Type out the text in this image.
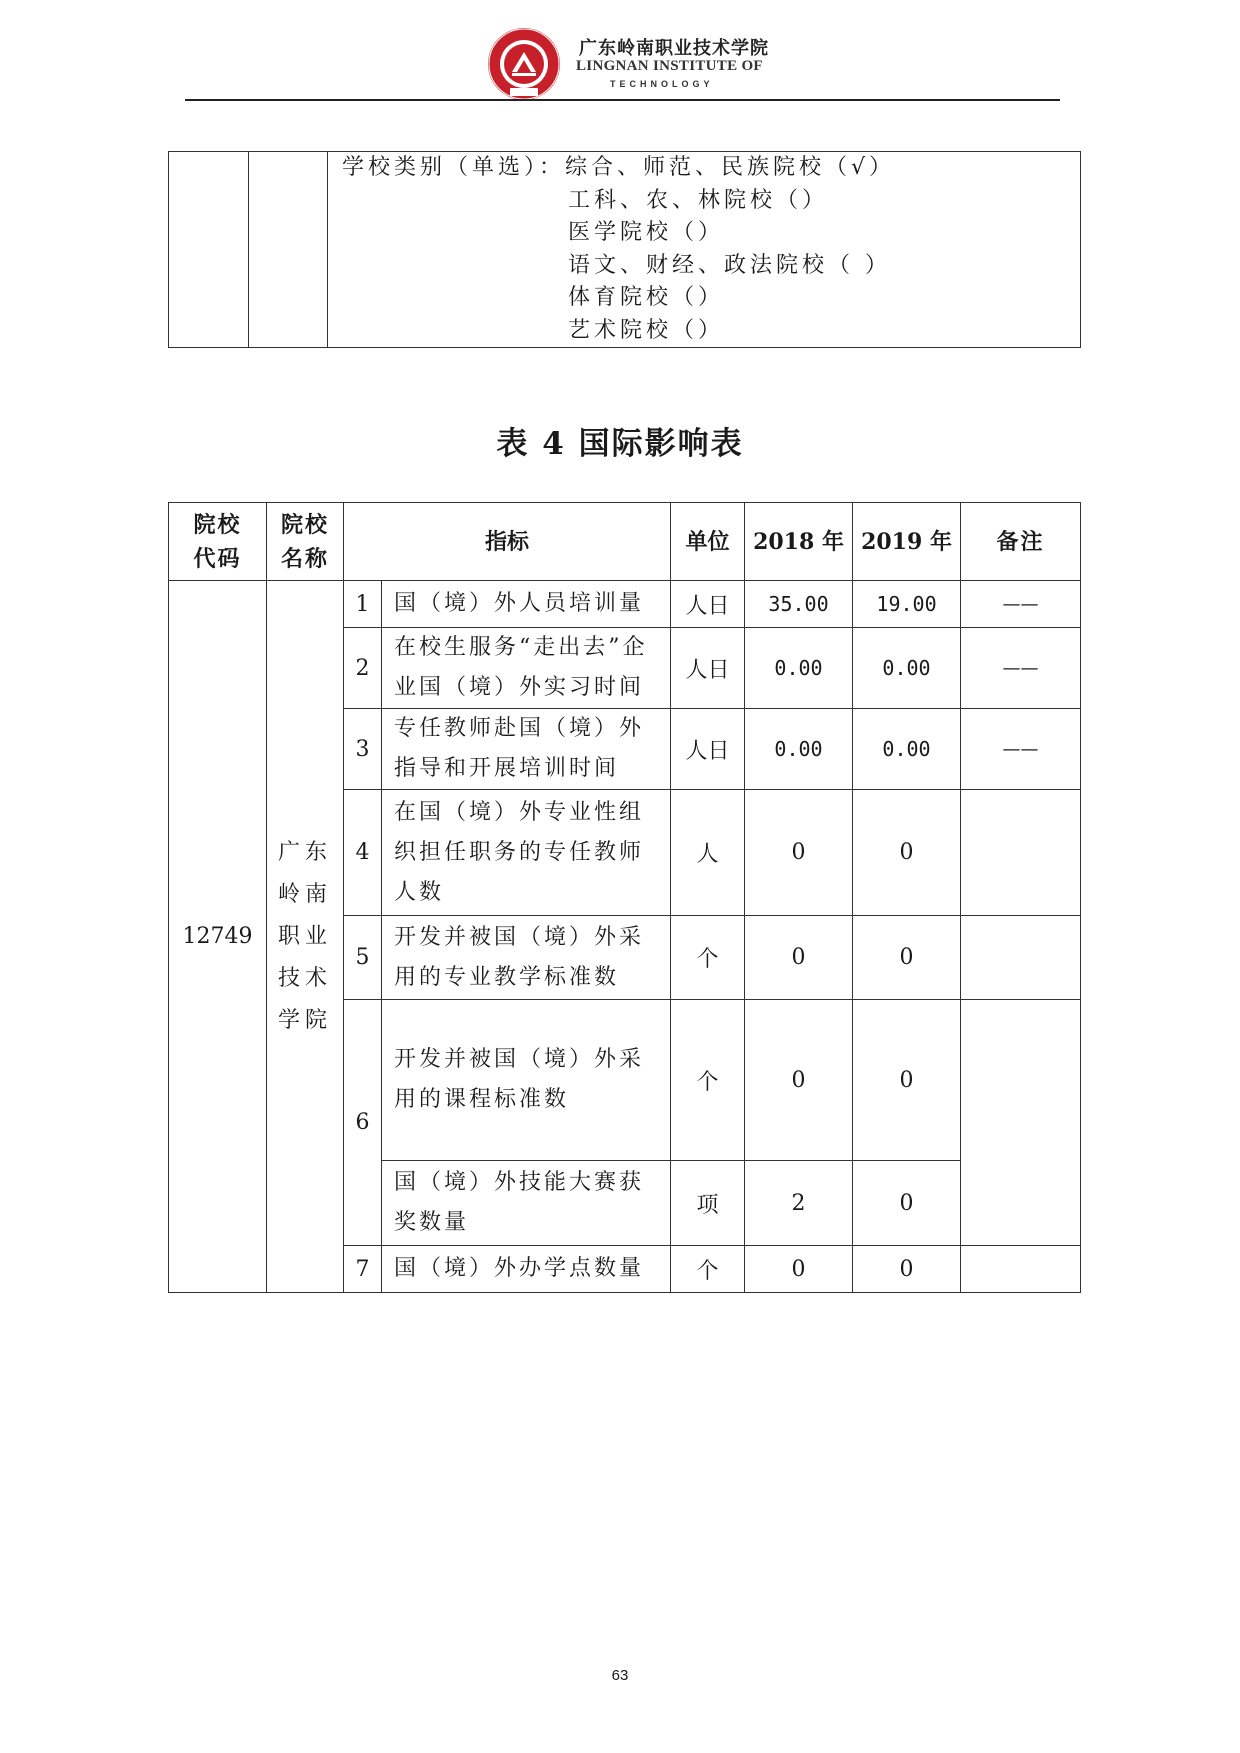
广东岭南职业技术学院
LINGNAN INSTITUTE OF
TECHNOLOGY

学校类别（单选）：综合、师范、民族院校（√）
工科、农、林院校（）
医学院校（）
语文、财经、政法院校（ ）
体育院校（）
艺术院校（）
表 4 国际影响表
院校代码	院校名称	指标		单位	2018 年	2019 年	备注
12749	广东岭南职业技术学院	1	国（境）外人员培训量	人日	35.00	19.00	——
		2	在校生服务“走出去”企业国（境）外实习时间	人日	0.00	0.00	——
		3	专任教师赴国（境）外指导和开展培训时间	人日	0.00	0.00	——
		4	在国（境）外专业性组织担任职务的专任教师人数	人	0	0	
		5	开发并被国（境）外采用的专业教学标准数	个	0	0	
		6	开发并被国（境）外采用的课程标准数	个	0	0	
			国（境）外技能大赛获奖数量	项	2	0	
		7	国（境）外办学点数量	个	0	0	
63
